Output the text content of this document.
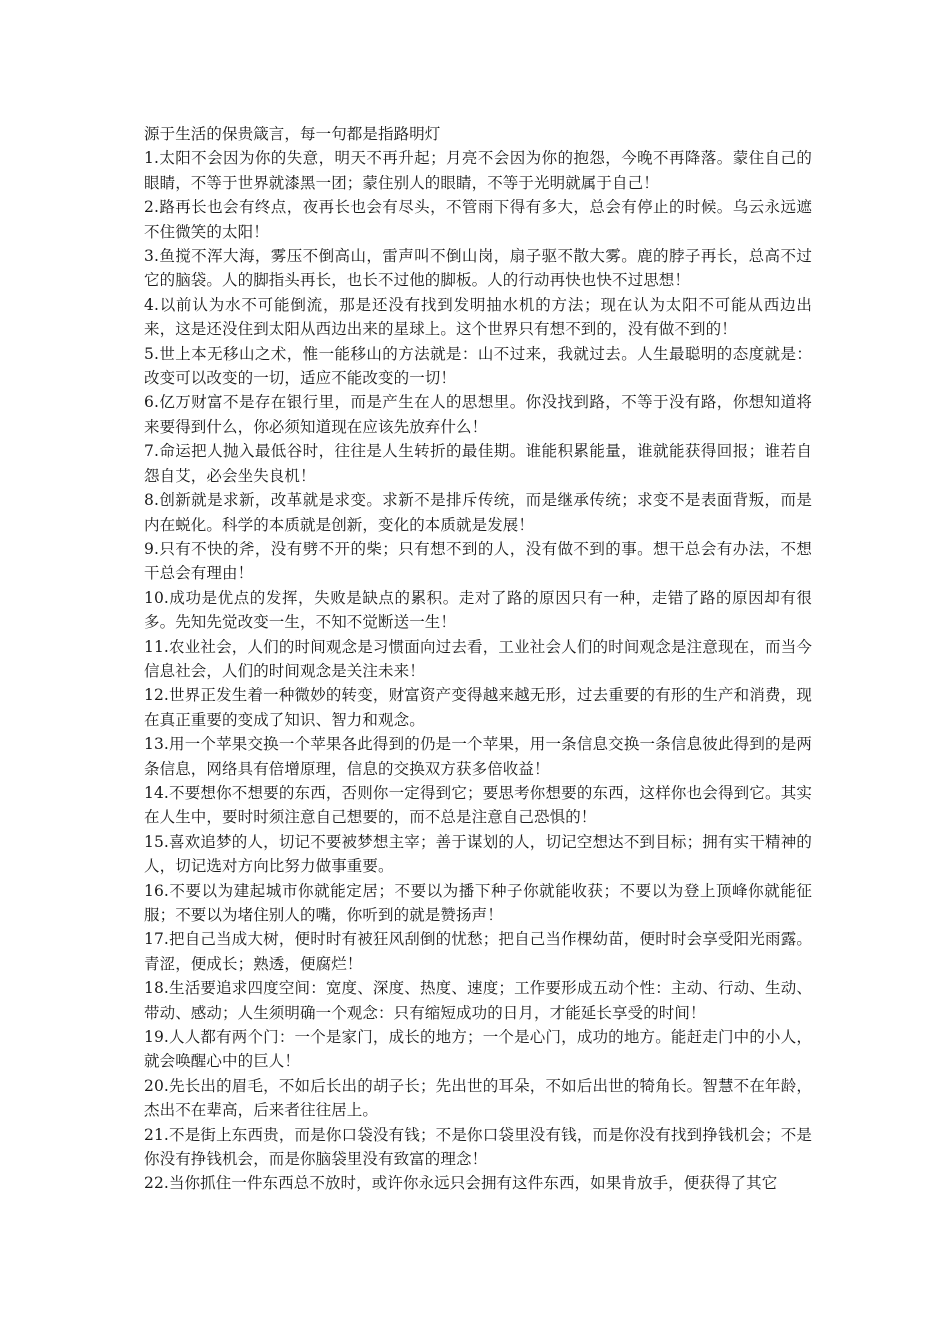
源于生活的保贵箴言，每一句都是指路明灯

1.太阳不会因为你的失意，明天不再升起；月亮不会因为你的抱怨，今晚不再降落。蒙住自己的眼睛，不等于世界就漆黑一团；蒙住别人的眼睛，不等于光明就属于自己！

2.路再长也会有终点，夜再长也会有尽头，不管雨下得有多大，总会有停止的时候。乌云永远遮不住微笑的太阳！

3.鱼搅不浑大海，雾压不倒高山，雷声叫不倒山岗，扇子驱不散大雾。鹿的脖子再长，总高不过它的脑袋。人的脚指头再长，也长不过他的脚板。人的行动再快也快不过思想！

4.以前认为水不可能倒流，那是还没有找到发明抽水机的方法；现在认为太阳不可能从西边出来，这是还没住到太阳从西边出来的星球上。这个世界只有想不到的，没有做不到的！

5.世上本无移山之术，惟一能移山的方法就是：山不过来，我就过去。人生最聪明的态度就是：改变可以改变的一切，适应不能改变的一切！

6.亿万财富不是存在银行里，而是产生在人的思想里。你没找到路，不等于没有路，你想知道将来要得到什么，你必须知道现在应该先放弃什么！

7.命运把人抛入最低谷时，往往是人生转折的最佳期。谁能积累能量，谁就能获得回报；谁若自怨自艾，必会坐失良机！

8.创新就是求新，改革就是求变。求新不是排斥传统，而是继承传统；求变不是表面背叛，而是内在蜕化。科学的本质就是创新，变化的本质就是发展！

9.只有不快的斧，没有劈不开的柴；只有想不到的人，没有做不到的事。想干总会有办法，不想干总会有理由！

10.成功是优点的发挥，失败是缺点的累积。走对了路的原因只有一种，走错了路的原因却有很多。先知先觉改变一生，不知不觉断送一生！

11.农业社会，人们的时间观念是习惯面向过去看，工业社会人们的时间观念是注意现在，而当今信息社会，人们的时间观念是关注未来！

12.世界正发生着一种微妙的转变，财富资产变得越来越无形，过去重要的有形的生产和消费，现在真正重要的变成了知识、智力和观念。

13.用一个苹果交换一个苹果各此得到的仍是一个苹果，用一条信息交换一条信息彼此得到的是两条信息，网络具有倍增原理，信息的交换双方获多倍收益！

14.不要想你不想要的东西，否则你一定得到它；要思考你想要的东西，这样你也会得到它。其实在人生中，要时时须注意自己想要的，而不总是注意自己恐惧的！

15.喜欢追梦的人，切记不要被梦想主宰；善于谋划的人，切记空想达不到目标；拥有实干精神的人，切记选对方向比努力做事重要。

16.不要以为建起城市你就能定居；不要以为播下种子你就能收获；不要以为登上顶峰你就能征服；不要以为堵住别人的嘴，你听到的就是赞扬声！

17.把自己当成大树，便时时有被狂风刮倒的忧愁；把自己当作棵幼苗，便时时会享受阳光雨露。青涩，便成长；熟透，便腐烂！

18.生活要追求四度空间：宽度、深度、热度、速度；工作要形成五动个性：主动、行动、生动、带动、感动；人生须明确一个观念：只有缩短成功的日月，才能延长享受的时间！

19.人人都有两个门：一个是家门，成长的地方；一个是心门，成功的地方。能赶走门中的小人，就会唤醒心中的巨人！

20.先长出的眉毛，不如后长出的胡子长；先出世的耳朵，不如后出世的犄角长。智慧不在年龄，杰出不在辈高，后来者往往居上。

21.不是街上东西贵，而是你口袋没有钱；不是你口袋里没有钱，而是你没有找到挣钱机会；不是你没有挣钱机会，而是你脑袋里没有致富的理念！

22.当你抓住一件东西总不放时，或许你永远只会拥有这件东西，如果肯放手，便获得了其它
